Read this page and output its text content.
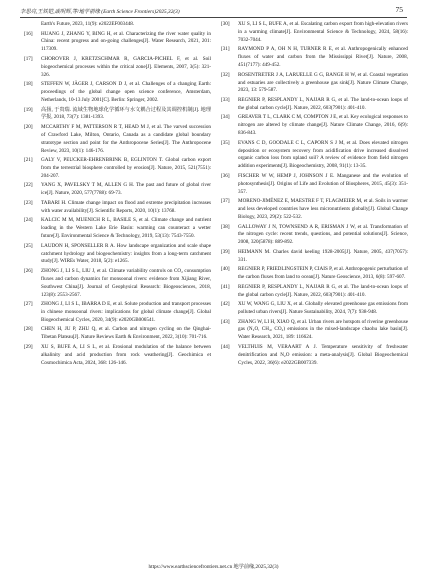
李思亮,王铁铠,戚明辉,等/地学前缘 (Earth Science Frontiers)2025,32(3)	75
Earth's Future, 2023, 11(9): e2022EF003448.
[16] HUANG J, ZHANG Y, BING H, et al. Characterizing the river water quality in China: recent progress and on-going challenges[J]. Water Research, 2021, 201: 117309.
[17] CHOROVER J, KRETZSCHMAR R, GARCIA-PICHEL F, et al. Soil biogeochemical processes within the critical zone[J]. Elements, 2007, 3(5): 321-326.
[18] STEFFEN W, JÄGER J, CARSON D J, et al. Challenges of a changing Earth: proceedings of the global change open science conference, Amsterdam, Netherlands, 10-13 July 2001[C]. Berlin: Springer, 2002.
[19] 高扬, 于贵瑞. 流域生物地球化学循环与水文耦合过程及其调控机制[J]. 地理学报, 2018, 73(7): 1381-1393.
[20] MCCARTHY F M, PATTERSON R T, HEAD M J, et al. The varved succession of Crawford Lake, Milton, Ontario, Canada as a candidate global boundary stratotype section and point for the Anthropocene Series[J]. The Anthropocene Review, 2023, 10(1): 146-176.
[21] GALY V, PEUCKER-EHRENBRINK B, EGLINTON T. Global carbon export from the terrestrial biosphere controlled by erosion[J]. Nature, 2015, 521(7551): 204-207.
[22] YANG X, PAVELSKY T M, ALLEN G H. The past and future of global river ice[J]. Nature, 2020, 577(7788): 69-73.
[23] TABARI H. Climate change impact on flood and extreme precipitation increases with water availability[J]. Scientific Reports, 2020, 10(1): 13768.
[24] KALCIC M M, MUENICH R L, BASILE S, et al. Climate change and nutrient loading in the Western Lake Erie Basin: warming can counteract a wetter future[J]. Environmental Science & Technology, 2019, 53(13): 7543-7550.
[25] LAUDON H, SPONSELLER R A. How landscape organization and scale shape catchment hydrology and biogeochemistry: insights from a long-term catchment study[J]. WIREs Water, 2018, 5(2): e1265.
[26] ZHONG J, LI S L, LIU J, et al. Climate variability controls on CO₂ consumption fluxes and carbon dynamics for monsoonal rivers: evidence from Xijiang River, Southwest China[J]. Journal of Geophysical Research: Biogeosciences, 2018, 123(8): 2553-2567.
[27] ZHONG J, LI S L, IBARRA D E, et al. Solute production and transport processes in chinese monsoonal rivers: implications for global climate change[J]. Global Biogeochemical Cycles, 2020, 34(9): e2020GB006541.
[28] CHEN H, JU P, ZHU Q, et al. Carbon and nitrogen cycling on the Qinghai-Tibetan Plateau[J]. Nature Reviews Earth & Environment, 2022, 3(10): 701-716.
[29] XU S, BUFE A, LI S L, et al. Erosional modulation of the balance between alkalinity and acid production from rock weathering[J]. Geochimica et Cosmochimica Acta, 2024, 368: 126-146.
[30] XU S, LI S L, BUFE A, et al. Escalating carbon export from high-elevation rivers in a warming climate[J]. Environmental Science & Technology, 2024, 58(16): 7032-7044.
[31] RAYMOND P A, OH N H, TURNER R E, et al. Anthropogenically enhanced fluxes of water and carbon from the Mississippi River[J]. Nature, 2008, 451(7177): 449-452.
[32] ROSENTRETER J A, LARUELLE G G, BANGE H W, et al. Coastal vegetation and estuaries are collectively a greenhouse gas sink[J]. Nature Climate Change, 2023, 13: 579-587.
[33] REGNIER P, RESPLANDY L, NAJJAR R G, et al. The land-to-ocean loops of the global carbon cycle[J]. Nature, 2022, 603(7901): 401-410.
[34] GREAVER T L, CLARK C M, COMPTON J E, et al. Key ecological responses to nitrogen are altered by climate change[J]. Nature Climate Change, 2016, 6(9): 836-843.
[35] EVANS C D, GOODALE C L, CAPORN S J M, et al. Does elevated nitrogen deposition or ecosystem recovery from acidification drive increased dissolved organic carbon loss from upland soil? A review of evidence from field nitrogen addition experiments[J]. Biogeochemistry, 2008, 91(1): 13-35.
[36] FISCHER W W, HEMP J, JOHNSON J E. Manganese and the evolution of photosynthesis[J]. Origins of Life and Evolution of Biospheres, 2015, 45(3): 351-357.
[37] MORENO-JIMÉNEZ E, MAESTRE F T, FLAGMEIER M, et al. Soils in warmer and less developed countries have less micronutrients globally[J]. Global Change Biology, 2023, 29(2): 522-532.
[38] GALLOWAY J N, TOWNSEND A R, ERISMAN J W, et al. Transformation of the nitrogen cycle: recent trends, questions, and potential solutions[J]. Science, 2008, 320(5878): 889-892.
[39] HEIMANN M. Charles david keeling 1928-2005[J]. Nature, 2005, 437(7057): 331.
[40] REGNIER P, FRIEDLINGSTEIN P, CIAIS P, et al. Anthropogenic perturbation of the carbon fluxes from land to ocean[J]. Nature Geoscience, 2013, 6(8): 597-607.
[41] REGNIER P, RESPLANDY L, NAJJAR R G, et al. The land-to-ocean loops of the global carbon cycle[J]. Nature, 2022, 603(7901): 401-410.
[42] XU W, WANG G, LIU X, et al. Globally elevated greenhouse gas emissions from polluted urban rivers[J]. Nature Sustainability, 2024, 7(7): 938-948.
[43] ZHANG W, LI H, XIAO Q, et al. Urban rivers are hotspots of riverine greenhouse gas (N₂O, CH₄, CO₂) emissions in the mixed-landscape chaohu lake basin[J]. Water Research, 2021, 189: 116624.
[44] VELTHUIS M, VERAART A J. Temperature sensitivity of freshwater denitrification and N₂O emission: a meta-analysis[J]. Global Biogeochemical Cycles, 2022, 36(6): e2022GB007339.
https://www.earthsciencefrontiers.net.cn 地学前缘,2025,32(3)
